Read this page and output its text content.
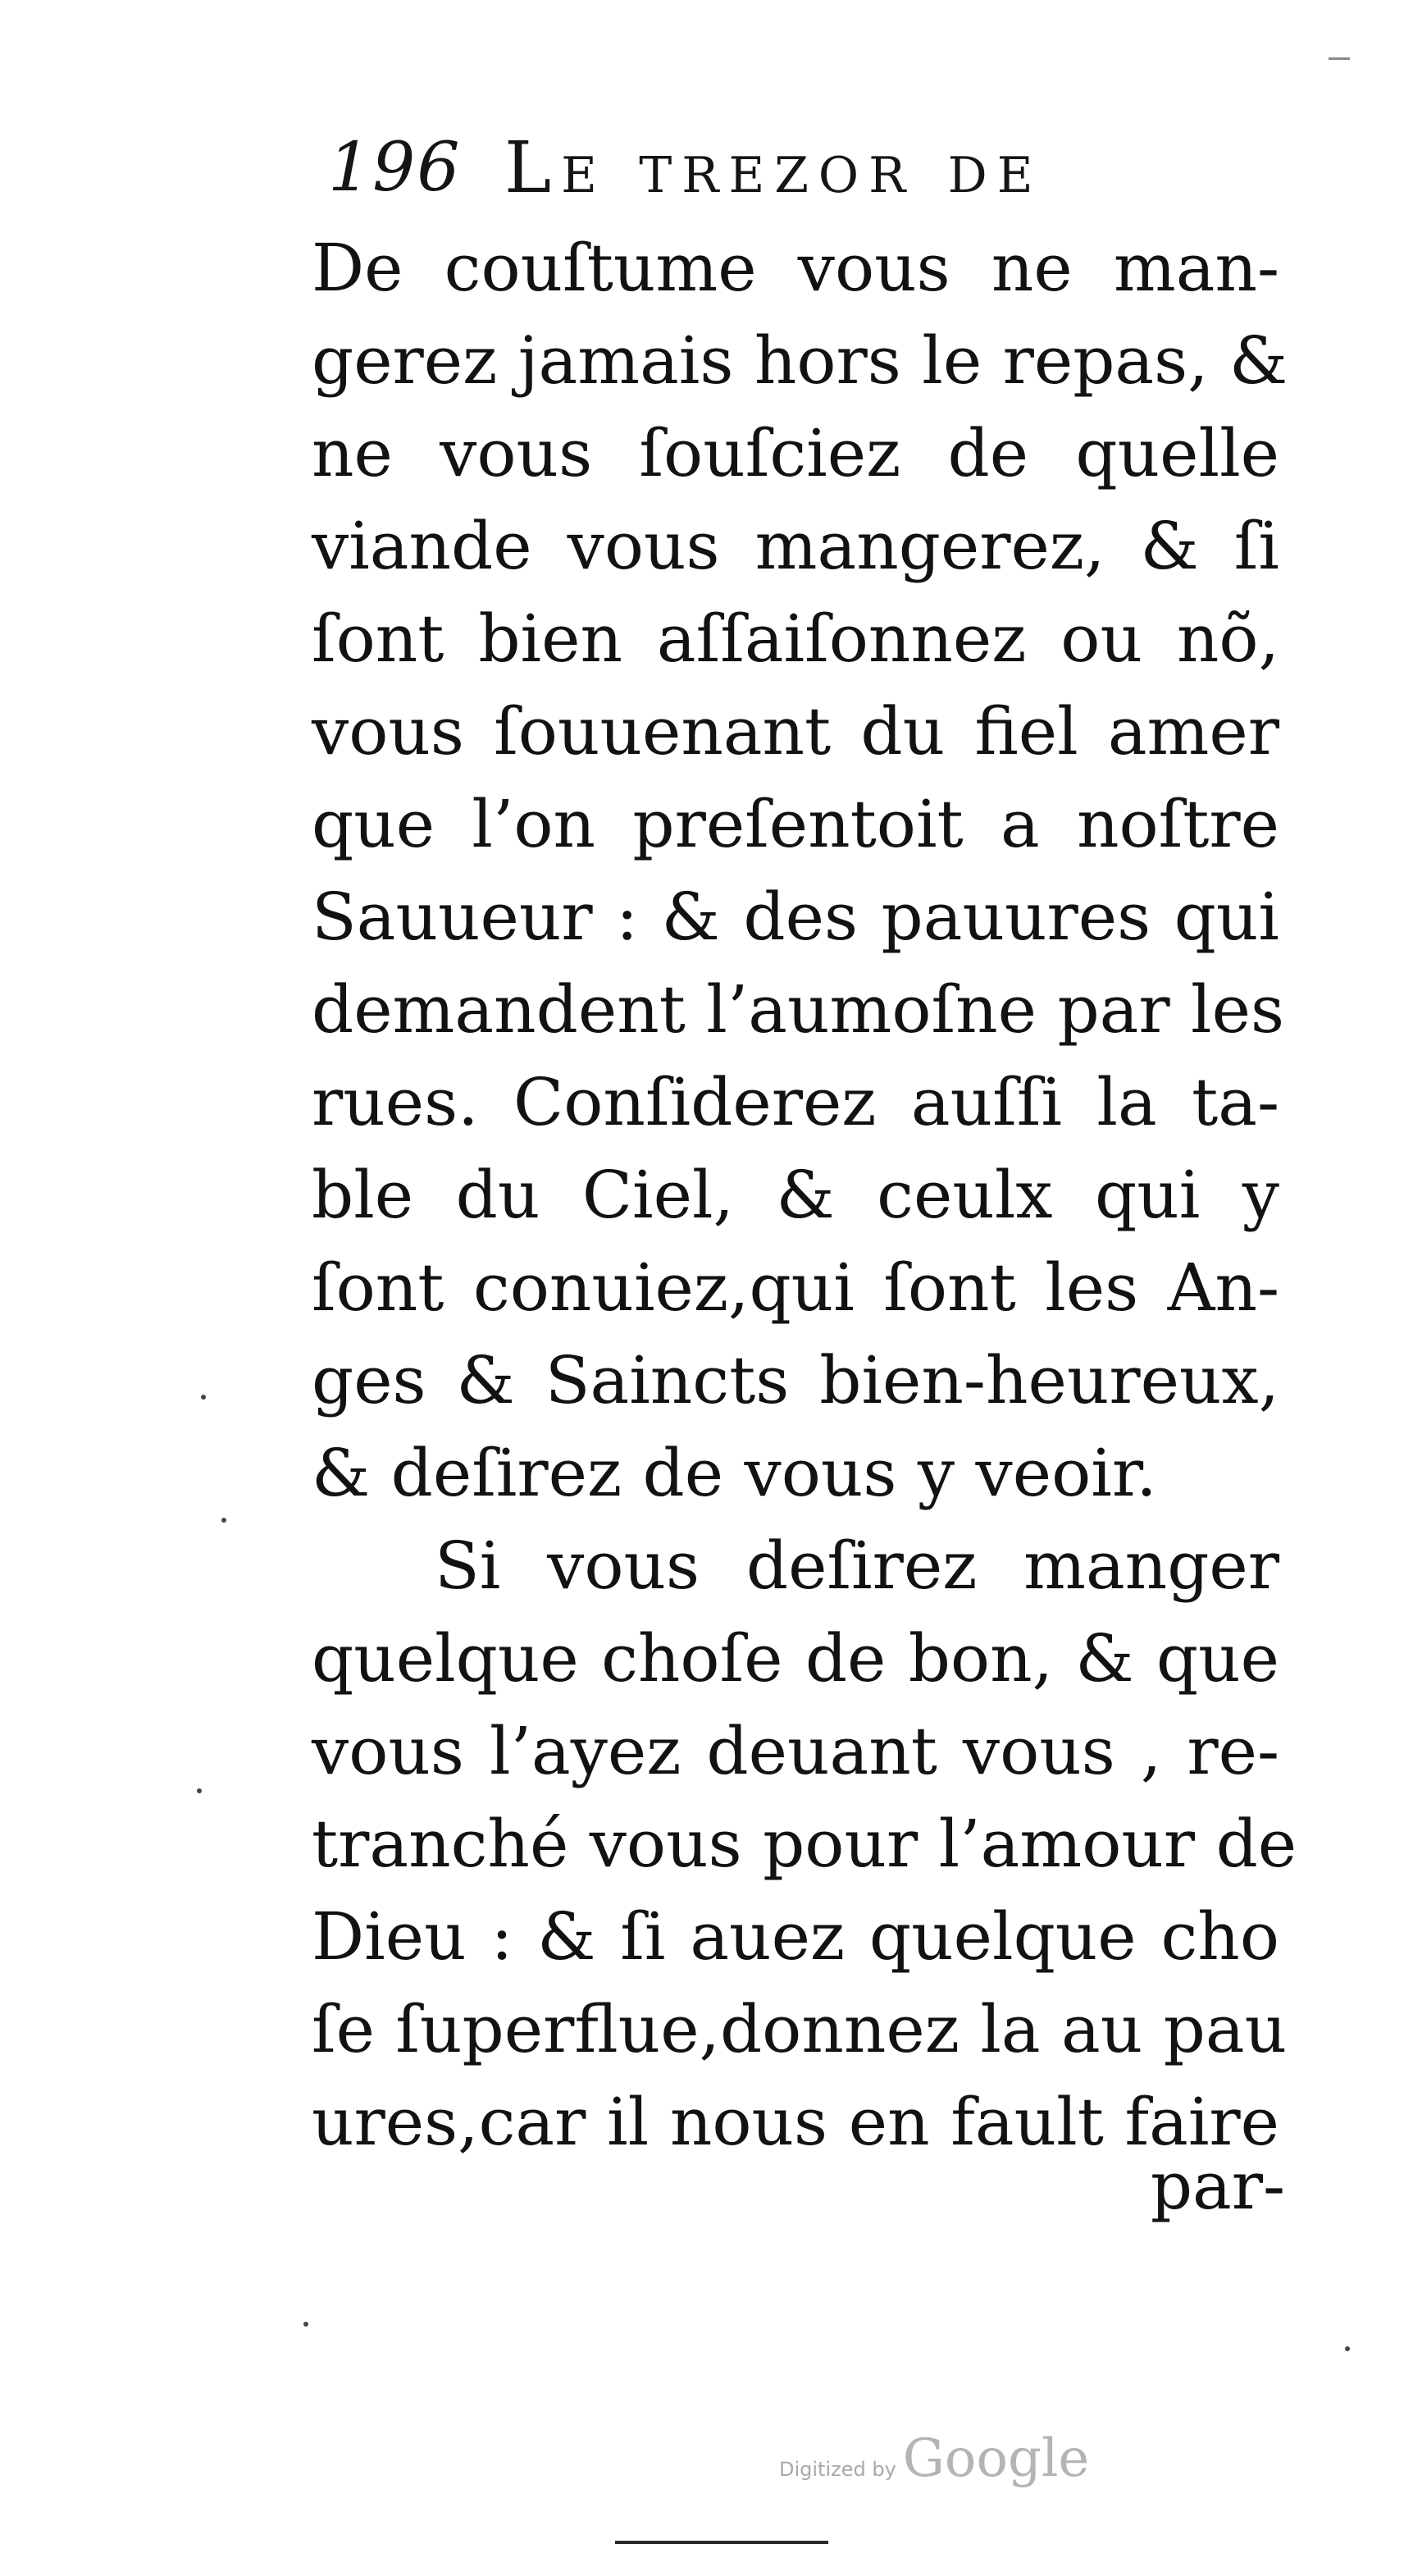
196 Le trezor de
De couſtume vous ne man-
gerez jamais hors le repas, &
ne vous ſouſciez de quelle
viande vous mangerez, & ſi
ſont bien aſſaiſonnez ou nõ,
vous ſouuenant du fiel amer
que l’on preſentoit a noſtre
Sauueur : & des pauures qui
demandent l’aumoſne par les
rues. Conſiderez auſſi la ta-
ble du Ciel, & ceulx qui y
ſont conuiez,qui ſont les An-
ges & Saincts bien-heureux,
& deſirez de vous y veoir.
Si vous deſirez manger
quelque choſe de bon, & que
vous l’ayez deuant vous , re-
tranché vous pour l’amour de
Dieu : & ſi auez quelque cho
ſe ſuperflue,donnez la au pau
ures,car il nous en fault faire
par-
Digitized by Google
